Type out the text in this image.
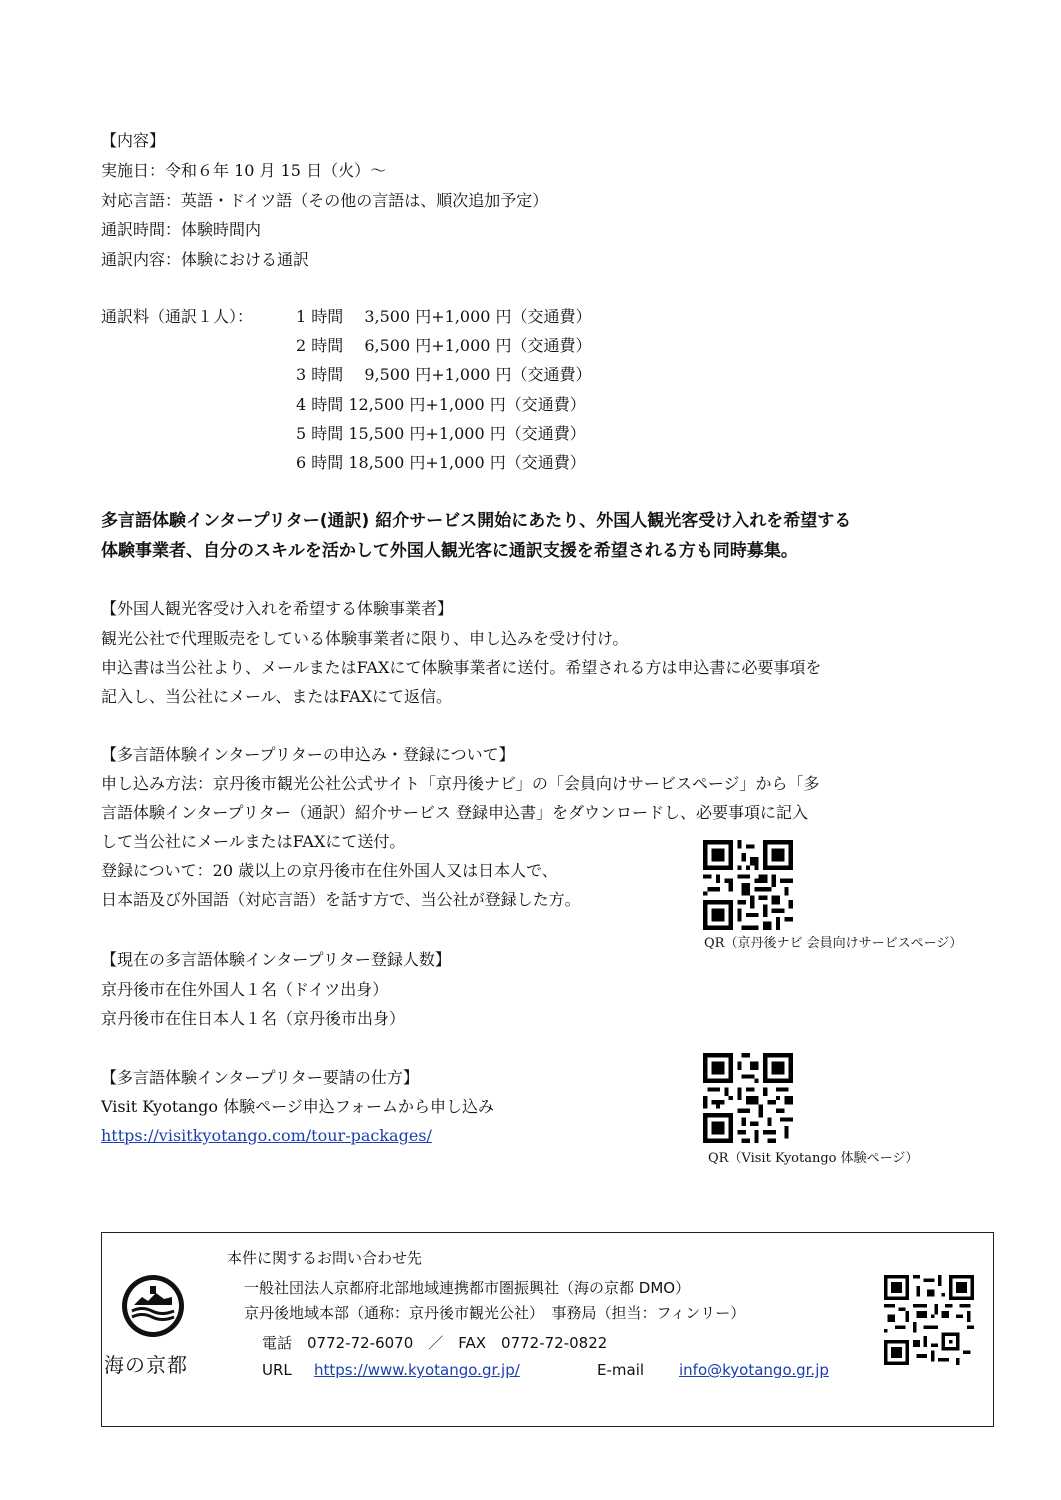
【内容】
実施日：令和６年 10 月 15 日（火）～
対応言語：英語・ドイツ語（その他の言語は、順次追加予定）
通訳時間：体験時間内
通訳内容：体験における通訳
通訳料（通訳１人）：	1 時間　 3,500 円+1,000 円（交通費）
2 時間　 6,500 円+1,000 円（交通費）
3 時間　 9,500 円+1,000 円（交通費）
4 時間 12,500 円+1,000 円（交通費）
5 時間 15,500 円+1,000 円（交通費）
6 時間 18,500 円+1,000 円（交通費）
多言語体験インタープリター(通訳) 紹介サービス開始にあたり、外国人観光客受け入れを希望する
体験事業者、自分のスキルを活かして外国人観光客に通訳支援を希望される方も同時募集。
【外国人観光客受け入れを希望する体験事業者】
観光公社で代理販売をしている体験事業者に限り、申し込みを受け付け。
申込書は当公社より、メールまたはFAXにて体験事業者に送付。希望される方は申込書に必要事項を
記入し、当公社にメール、またはFAXにて返信。
【多言語体験インタープリターの申込み・登録について】
申し込み方法：京丹後市観光公社公式サイト「京丹後ナビ」の「会員向けサービスページ」から「多
言語体験インタープリター（通訳）紹介サービス 登録申込書」をダウンロードし、必要事項に記入
して当公社にメールまたはFAXにて送付。
登録について：20 歳以上の京丹後市在住外国人又は日本人で、
日本語及び外国語（対応言語）を話す方で、当公社が登録した方。
QR（京丹後ナビ 会員向けサービスページ）
【現在の多言語体験インタープリター登録人数】
京丹後市在住外国人１名（ドイツ出身）
京丹後市在住日本人１名（京丹後市出身）
【多言語体験インタープリター要請の仕方】
Visit Kyotango 体験ページ申込フォームから申し込み
https://visitkyotango.com/tour-packages/
QR（Visit Kyotango 体験ページ）
海の京都
本件に関するお問い合わせ先
一般社団法人京都府北部地域連携都市圏振興社（海の京都 DMO）
京丹後地域本部（通称：京丹後市観光公社）　事務局（担当：フィンリー）
電話　0772-72-6070　／　FAX　0772-72-0822
URL https://www.kyotango.gr.jp/	E-mail info@kyotango.gr.jp
